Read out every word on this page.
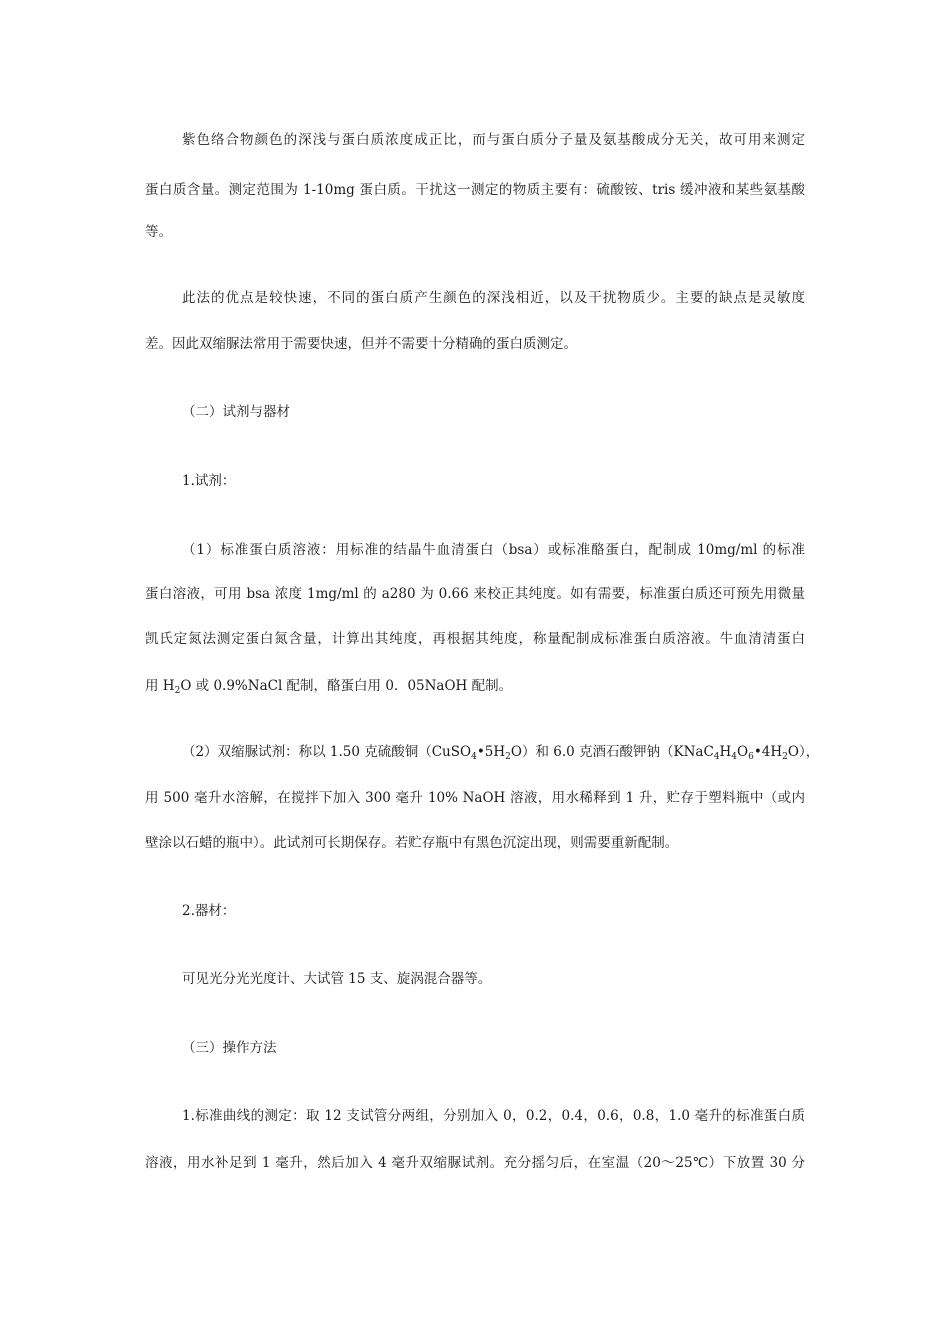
紫色络合物颜色的深浅与蛋白质浓度成正比，而与蛋白质分子量及氨基酸成分无关，故可用来测定
蛋白质含量。测定范围为 1-10mg 蛋白质。干扰这一测定的物质主要有：硫酸铵、tris 缓冲液和某些氨基酸
等。
此法的优点是较快速，不同的蛋白质产生颜色的深浅相近，以及干扰物质少。主要的缺点是灵敏度
差。因此双缩脲法常用于需要快速，但并不需要十分精确的蛋白质测定。
（二）试剂与器材
1.试剂：
（1）标准蛋白质溶液：用标准的结晶牛血清蛋白（bsa）或标准酪蛋白，配制成 10mg/ml 的标准
蛋白溶液，可用 bsa 浓度 1mg/ml 的 a280 为 0.66 来校正其纯度。如有需要，标准蛋白质还可预先用微量
凯氏定氮法测定蛋白氮含量，计算出其纯度，再根据其纯度，称量配制成标准蛋白质溶液。牛血清清蛋白
用 $H_2O$ 或 0.9%NaCl 配制，酪蛋白用 0．05NaOH 配制。
（2）双缩脲试剂：称以 1.50 克硫酸铜$(CuSO_4•5H_2O)$和 6.0 克酒石酸钾钠$(KNaC_4H_4O_6•4H_2O)$，
用 500 毫升水溶解，在搅拌下加入 300 毫升 10% NaOH 溶液，用水稀释到 1 升，贮存于塑料瓶中（或内
壁涂以石蜡的瓶中）。此试剂可长期保存。若贮存瓶中有黑色沉淀出现，则需要重新配制。
2.器材：
可见光分光光度计、大试管 15 支、旋涡混合器等。
（三）操作方法
1.标准曲线的测定：取 12 支试管分两组，分别加入 0，0.2，0.4，0.6，0.8，1.0 毫升的标准蛋白质
溶液，用水补足到 1 毫升，然后加入 4 毫升双缩脲试剂。充分摇匀后，在室温（20～25℃）下放置 30 分
